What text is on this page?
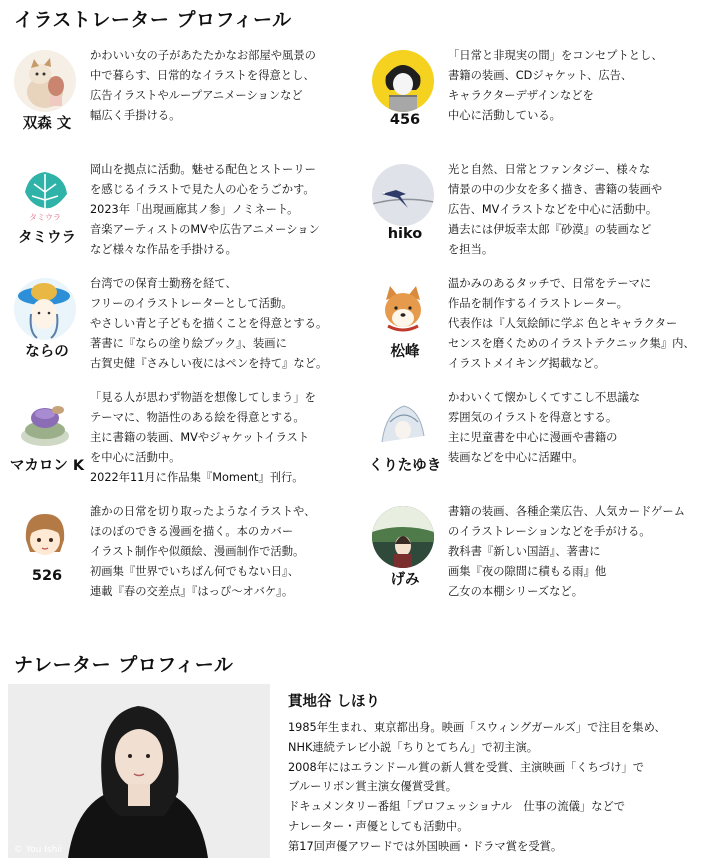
イラストレーター プロフィール
双森 文

かわいい女の子があたたかなお部屋や風景の
中で暮らす、日常的なイラストを得意とし、
広告イラストやループアニメーションなど
幅広く手掛ける。	456

「日常と非現実の間」をコンセプトとし、
書籍の装画、CDジャケット、広告、
キャラクターデザインなどを
中心に活動している。

タミウラ
タミウラ

岡山を拠点に活動。魅せる配色とストーリー
を感じるイラストで見た人の心をうごかす。
2023年「出現画廊其ノ参」ノミネート。
音楽アーティストのMVや広告アニメーション
など様々な作品を手掛ける。

hiko

光と自然、日常とファンタジー、様々な
情景の中の少女を多く描き、書籍の装画や
広告、MVイラストなどを中心に活動中。
過去には伊坂幸太郎『砂漠』の装画など
を担当。

ならの

台湾での保育士勤務を経て、
フリーのイラストレーターとして活動。
やさしい青と子どもを描くことを得意とする。
著書に『ならの塗り絵ブック』、装画に
古賀史健『さみしい夜にはペンを持て』など。

松峰

温かみのあるタッチで、日常をテーマに
作品を制作するイラストレーター。
代表作は『人気絵師に学ぶ 色とキャラクター
センスを磨くためのイラストテクニック集』内、
イラストメイキング掲載など。

マカロン K

「見る人が思わず物語を想像してしまう」を
テーマに、物語性のある絵を得意とする。
主に書籍の装画、MVやジャケットイラスト
を中心に活動中。
2022年11月に作品集『Moment』刊行。

くりたゆき

かわいくて懐かしくてすこし不思議な
雰囲気のイラストを得意とする。
主に児童書を中心に漫画や書籍の
装画などを中心に活躍中。

526

誰かの日常を切り取ったようなイラストや、
ほのぼのできる漫画を描く。本のカバー
イラスト制作や似顔絵、漫画制作で活動。
初画集『世界でいちばん何でもない日』、
連載『春の交差点』『はっぴ～オバケ』。

げみ

書籍の装画、各種企業広告、人気カードゲーム
のイラストレーションなどを手がける。
教科書『新しい国語』、著書に
画集『夜の隙間に積もる雨』他
乙女の本棚シリーズなど。

ナレーター プロフィール
© You Ishii
貫地谷 しほり

1985年生まれ、東京都出身。映画「スウィングガールズ」で注目を集め、
NHK連続テレビ小説「ちりとてちん」で初主演。
2008年にはエランドール賞の新人賞を受賞、主演映画「くちづけ」で
ブルーリボン賞主演女優賞受賞。
ドキュメンタリー番組「プロフェッショナル　仕事の流儀」などで
ナレーター・声優としても活動中。
第17回声優アワードでは外国映画・ドラマ賞を受賞。
